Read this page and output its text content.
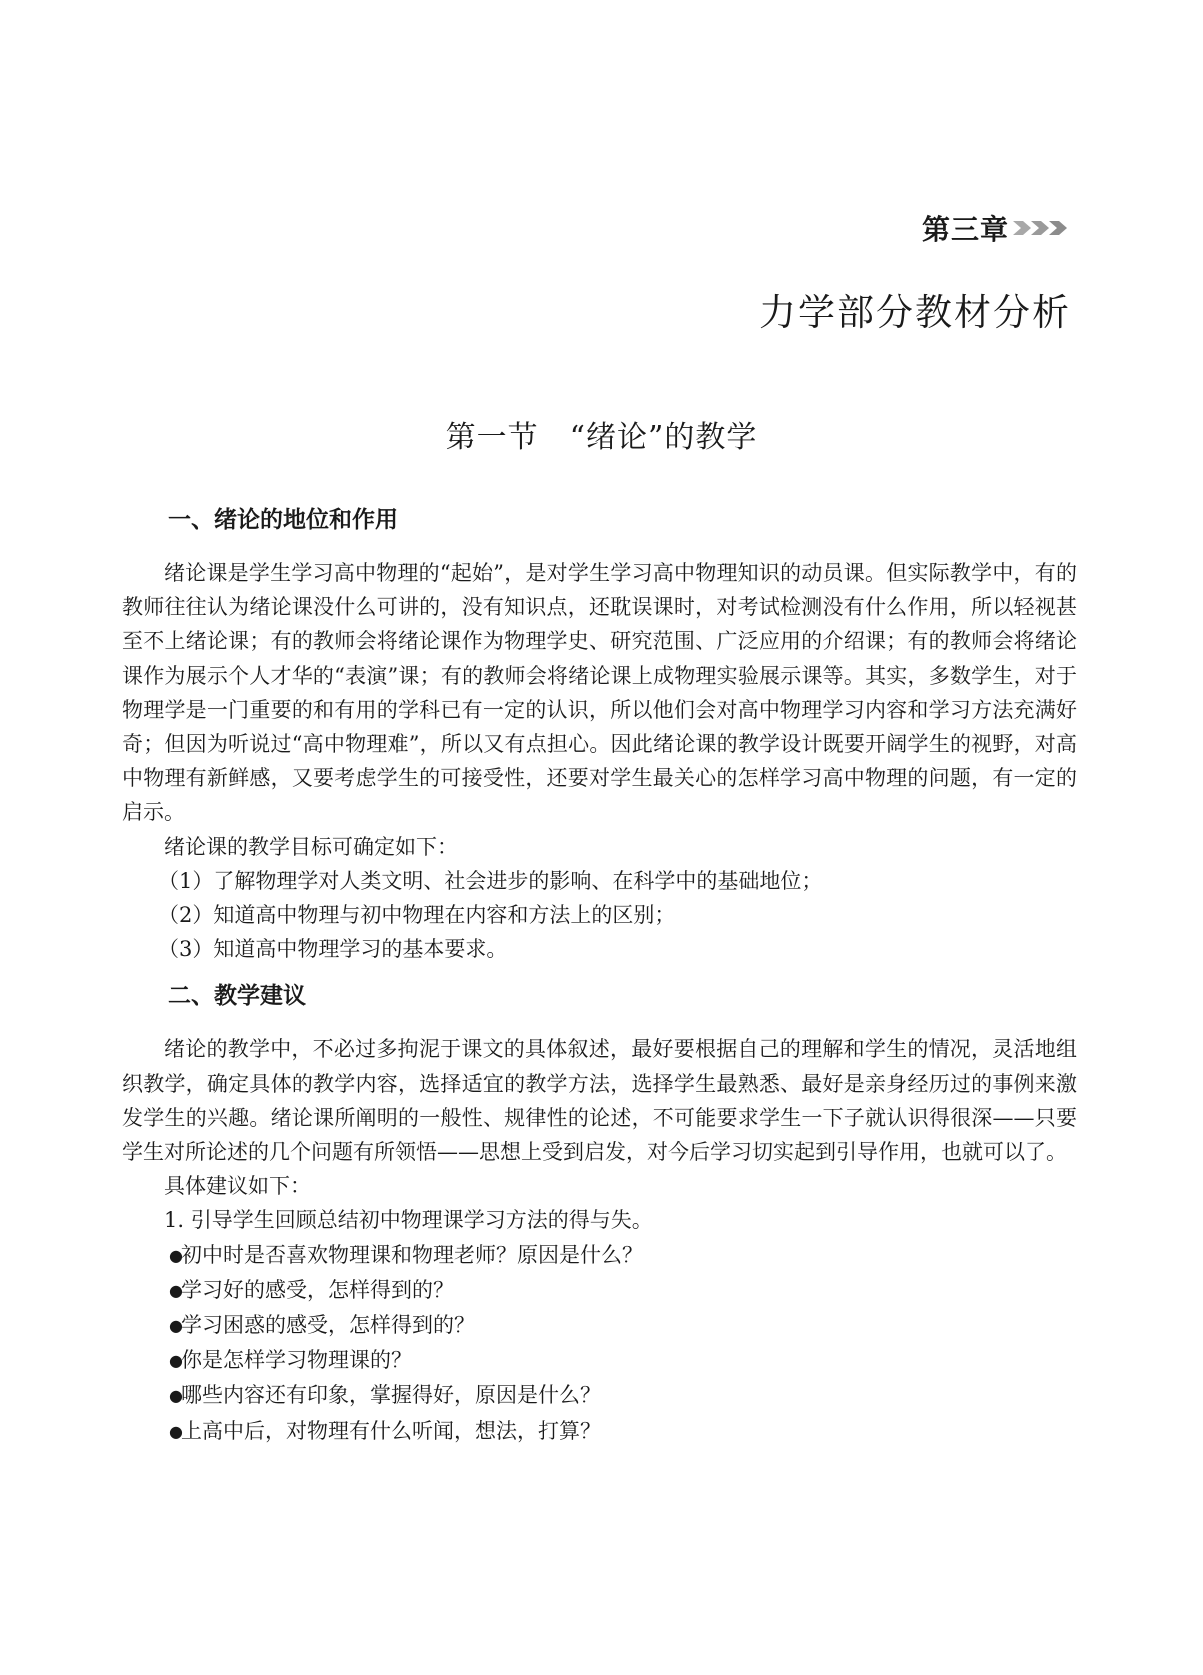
第三章
力学部分教材分析
第一节　“绪论”的教学
一、绪论的地位和作用

绪论课是学生学习高中物理的“起始”，是对学生学习高中物理知识的动员课。但实际教学中，有的教师往往认为绪论课没什么可讲的，没有知识点，还耽误课时，对考试检测没有什么作用，所以轻视甚至不上绪论课；有的教师会将绪论课作为物理学史、研究范围、广泛应用的介绍课；有的教师会将绪论课作为展示个人才华的“表演”课；有的教师会将绪论课上成物理实验展示课等。其实，多数学生，对于物理学是一门重要的和有用的学科已有一定的认识，所以他们会对高中物理学习内容和学习方法充满好奇；但因为听说过“高中物理难”，所以又有点担心。因此绪论课的教学设计既要开阔学生的视野，对高中物理有新鲜感，又要考虑学生的可接受性，还要对学生最关心的怎样学习高中物理的问题，有一定的启示。

绪论课的教学目标可确定如下：

（1）了解物理学对人类文明、社会进步的影响、在科学中的基础地位；

（2）知道高中物理与初中物理在内容和方法上的区别；

（3）知道高中物理学习的基本要求。

二、教学建议

绪论的教学中，不必过多拘泥于课文的具体叙述，最好要根据自己的理解和学生的情况，灵活地组织教学，确定具体的教学内容，选择适宜的教学方法，选择学生最熟悉、最好是亲身经历过的事例来激发学生的兴趣。绪论课所阐明的一般性、规律性的论述，不可能要求学生一下子就认识得很深——只要学生对所论述的几个问题有所领悟——思想上受到启发，对今后学习切实起到引导作用，也就可以了。

具体建议如下：

1. 引导学生回顾总结初中物理课学习方法的得与失。

●初中时是否喜欢物理课和物理老师？原因是什么？

●学习好的感受，怎样得到的？

●学习困惑的感受，怎样得到的？

●你是怎样学习物理课的？

●哪些内容还有印象，掌握得好，原因是什么？

●上高中后，对物理有什么听闻，想法，打算？
